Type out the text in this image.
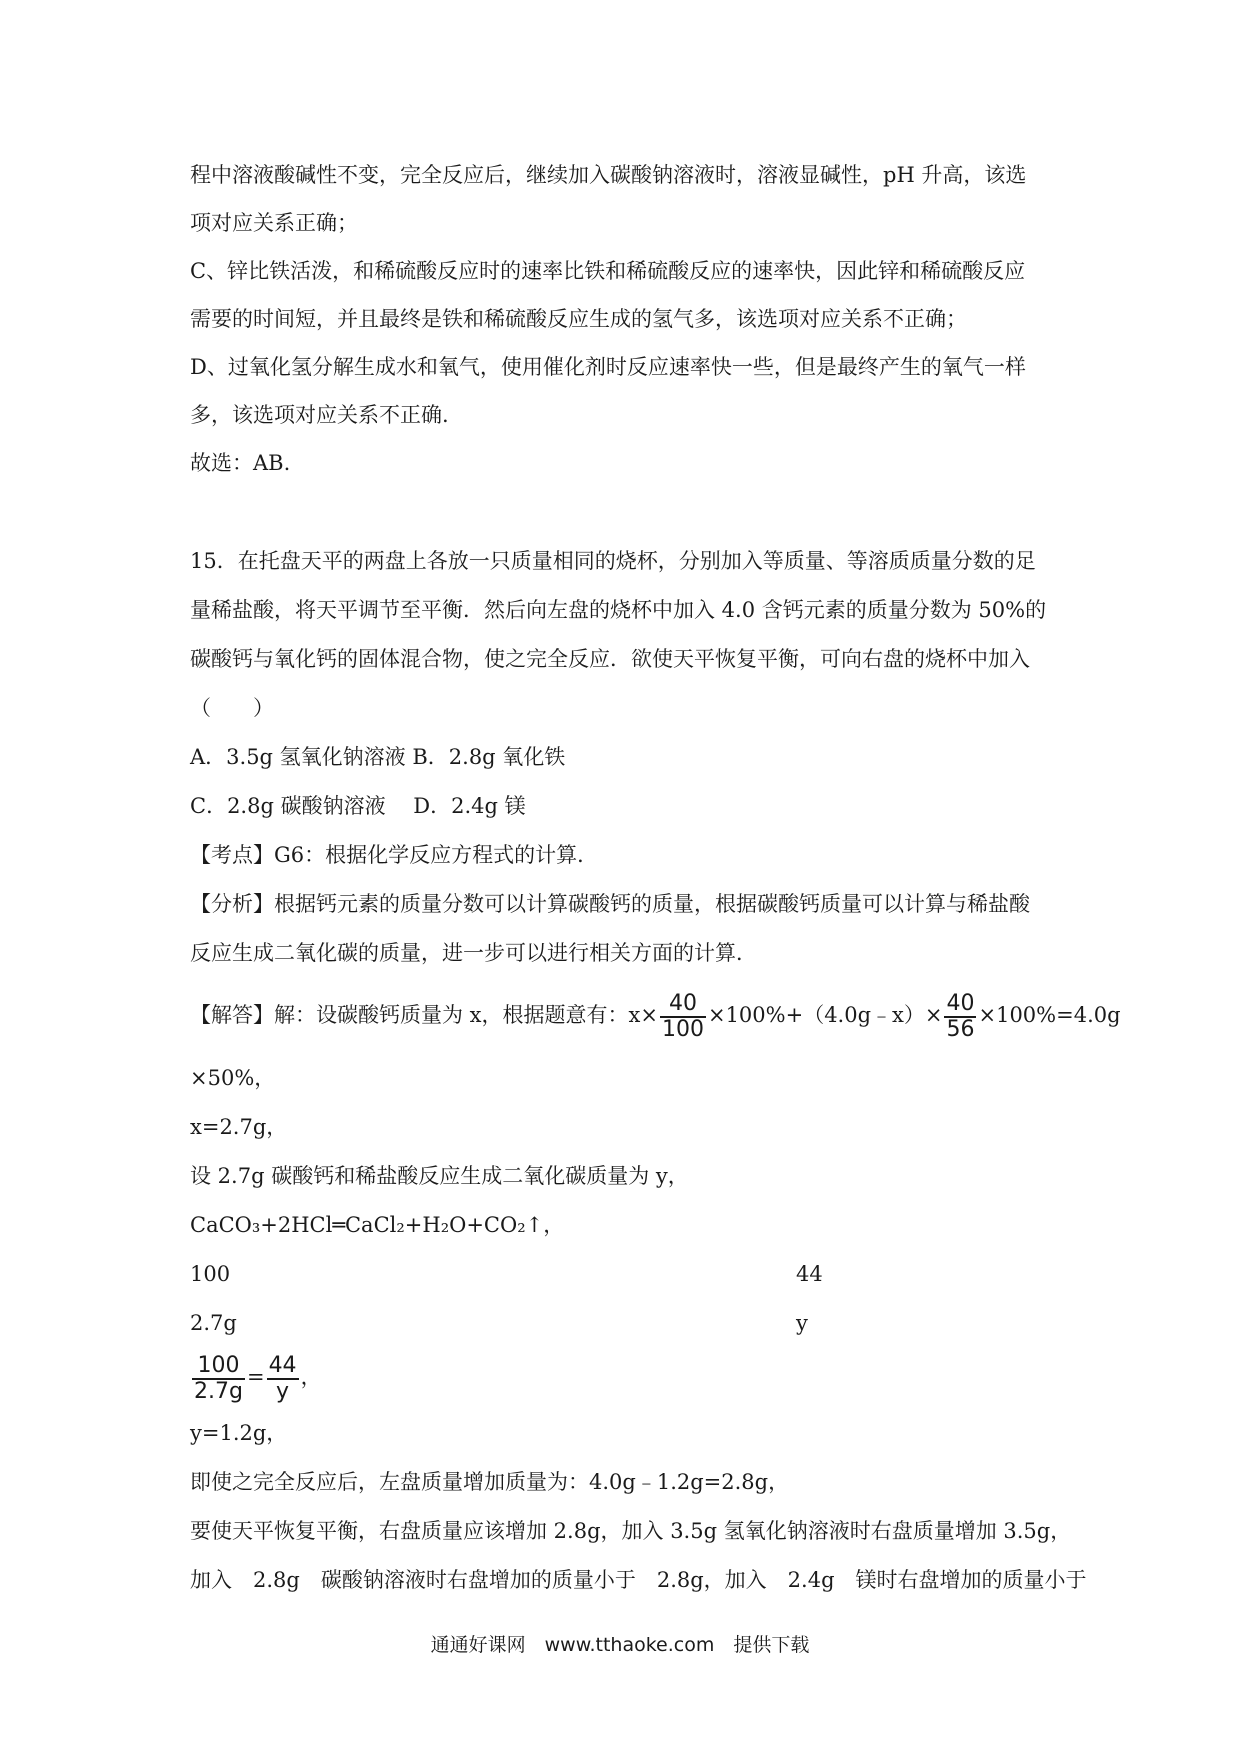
程中溶液酸碱性不变，完全反应后，继续加入碳酸钠溶液时，溶液显碱性，pH 升高，该选
项对应关系正确；
C、锌比铁活泼，和稀硫酸反应时的速率比铁和稀硫酸反应的速率快，因此锌和稀硫酸反应
需要的时间短，并且最终是铁和稀硫酸反应生成的氢气多，该选项对应关系不正确；
D、过氧化氢分解生成水和氧气，使用催化剂时反应速率快一些，但是最终产生的氧气一样
多，该选项对应关系不正确.
故选：AB.
15．在托盘天平的两盘上各放一只质量相同的烧杯，分别加入等质量、等溶质质量分数的足
量稀盐酸，将天平调节至平衡．然后向左盘的烧杯中加入 4.0 含钙元素的质量分数为 50%的
碳酸钙与氧化钙的固体混合物，使之完全反应．欲使天平恢复平衡，可向右盘的烧杯中加入
（　　）
A．3.5g 氢氧化钠溶液 B．2.8g 氧化铁
C．2.8g 碳酸钠溶液　 D．2.4g 镁
【考点】G6：根据化学反应方程式的计算．
【分析】根据钙元素的质量分数可以计算碳酸钙的质量，根据碳酸钙质量可以计算与稀盐酸
反应生成二氧化碳的质量，进一步可以进行相关方面的计算．
【解答】解：设碳酸钙质量为 x，根据题意有：$x\times \frac{40}{100}$ ×100%+（4.0g﹣x）× $\frac{40}{56} \times 100\%=4.0g$
×50%，
x=2.7g，
设 2.7g 碳酸钙和稀盐酸反应生成二氧化碳质量为 y，
CaCO₃+2HCl═CaCl₂+H₂O+CO₂↑，
100	44
2.7g	y
$\frac{100}{2.7g} = \frac{44}{y}$ ，
y=1.2g，
即使之完全反应后，左盘质量增加质量为：4.0g﹣1.2g=2.8g，
要使天平恢复平衡，右盘质量应该增加 2.8g，加入 3.5g 氢氧化钠溶液时右盘质量增加 3.5g，
加入　2.8g　碳酸钠溶液时右盘增加的质量小于　2.8g，加入　2.4g　镁时右盘增加的质量小于
通通好课网　www.tthaoke.com　提供下载
